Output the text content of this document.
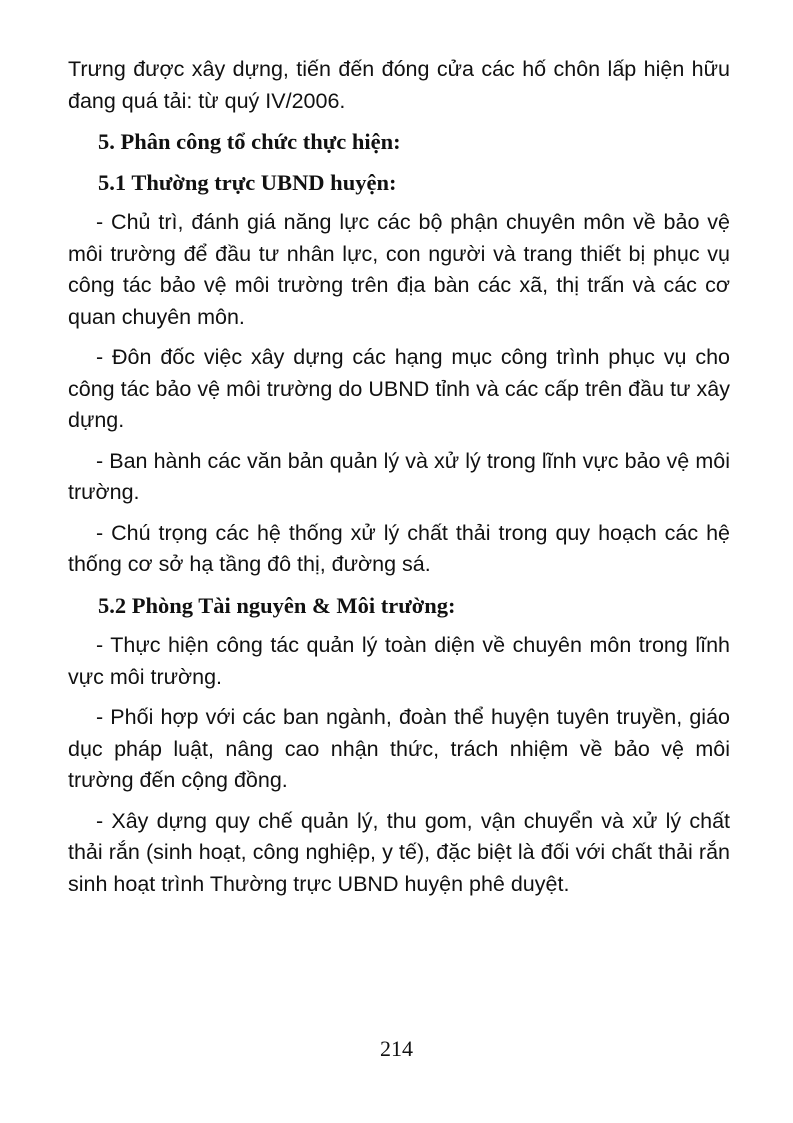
Trưng được xây dựng, tiến đến đóng cửa các hố chôn lấp hiện hữu đang quá tải: từ quý IV/2006.

5. Phân công tổ chức thực hiện:
5.1 Thường trực UBND huyện:

- Chủ trì, đánh giá năng lực các bộ phận chuyên môn về bảo vệ môi trường để đầu tư nhân lực, con người và trang thiết bị phục vụ công tác bảo vệ môi trường trên địa bàn các xã, thị trấn và các cơ quan chuyên môn.

- Đôn đốc việc xây dựng các hạng mục công trình phục vụ cho công tác bảo vệ môi trường do UBND tỉnh và các cấp trên đầu tư xây dựng.

- Ban hành các văn bản quản lý và xử lý trong lĩnh vực bảo vệ môi trường.

- Chú trọng các hệ thống xử lý chất thải trong quy hoạch các hệ thống cơ sở hạ tầng đô thị, đường sá.

5.2 Phòng Tài nguyên & Môi trường:

- Thực hiện công tác quản lý toàn diện về chuyên môn trong lĩnh vực môi trường.

- Phối hợp với các ban ngành, đoàn thể huyện tuyên truyền, giáo dục pháp luật, nâng cao nhận thức, trách nhiệm về bảo vệ môi trường đến cộng đồng.

- Xây dựng quy chế quản lý, thu gom, vận chuyển và xử lý chất thải rắn (sinh hoạt, công nghiệp, y tế), đặc biệt là đối với chất thải rắn sinh hoạt trình Thường trực UBND huyện phê duyệt.

214
